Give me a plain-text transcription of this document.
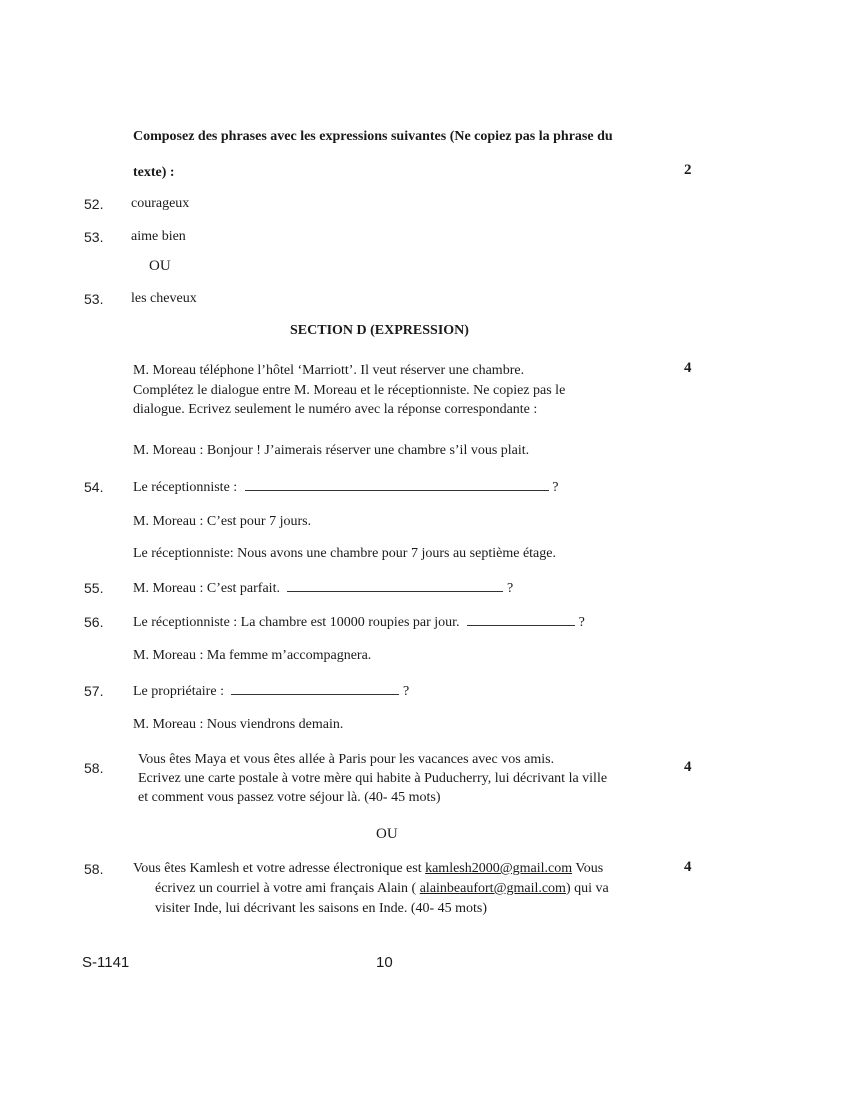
Composez des phrases avec les expressions suivantes (Ne copiez pas la phrase du
texte) :	2
52. courageux
53. aime bien
OU
53. les cheveux
SECTION D (EXPRESSION)
M. Moreau téléphone l’hôtel ‘Marriott’. Il veut réserver une chambre.
Complétez le dialogue entre M. Moreau et le réceptionniste. Ne copiez pas le
dialogue. Ecrivez seulement le numéro avec la réponse correspondante :
4
M. Moreau : Bonjour ! J’aimerais réserver une chambre s’il vous plait.
54. Le réceptionniste :	?
M. Moreau : C’est pour 7 jours.
Le réceptionniste: Nous avons une chambre pour 7 jours au septième étage.
55. M. Moreau : C’est parfait.	?
56. Le réceptionniste : La chambre est 10000 roupies par jour.	?
M. Moreau : Ma femme m’accompagnera.
57. Le propriétaire :	?
M. Moreau : Nous viendrons demain.
58.
Vous êtes Maya et vous êtes allée à Paris pour les vacances avec vos amis.
Ecrivez une carte postale à votre mère qui habite à Puducherry, lui décrivant la ville
et comment vous passez votre séjour là. (40- 45 mots)
4
OU
58. Vous êtes Kamlesh et votre adresse électronique est kamlesh2000@gmail.com Vous
écrivez un courriel à votre ami français Alain ( alainbeaufort@gmail.com) qui va
visiter Inde, lui décrivant les saisons en Inde. (40- 45 mots)
4
S-1141	10
